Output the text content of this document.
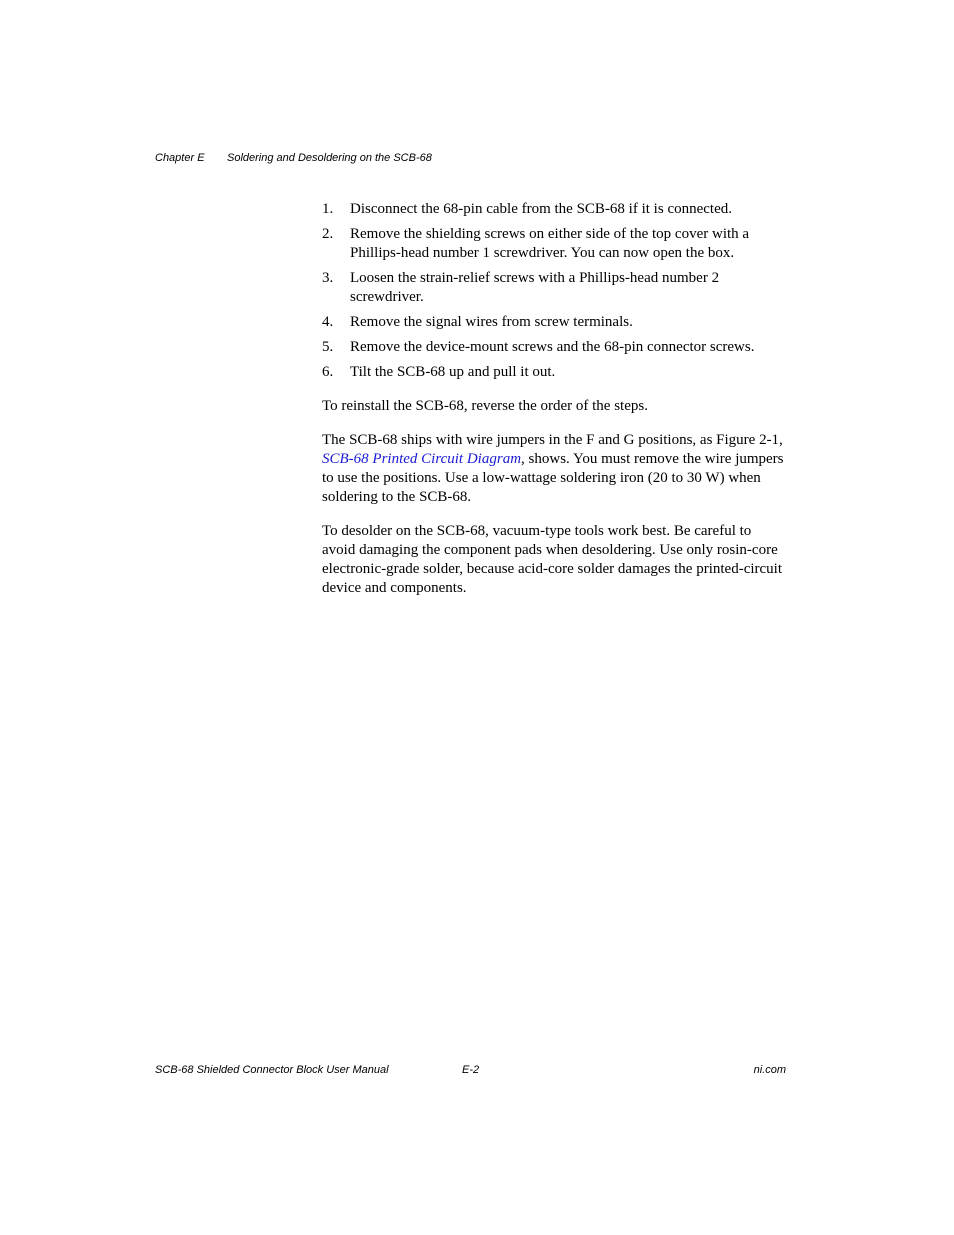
Chapter E Soldering and Desoldering on the SCB-68
1. Disconnect the 68-pin cable from the SCB-68 if it is connected.
2. Remove the shielding screws on either side of the top cover with a Phillips-head number 1 screwdriver. You can now open the box.
3. Loosen the strain-relief screws with a Phillips-head number 2 screwdriver.
4. Remove the signal wires from screw terminals.
5. Remove the device-mount screws and the 68-pin connector screws.
6. Tilt the SCB-68 up and pull it out.

To reinstall the SCB-68, reverse the order of the steps.

The SCB-68 ships with wire jumpers in the F and G positions, as Figure 2-1, SCB-68 Printed Circuit Diagram, shows. You must remove the wire jumpers to use the positions. Use a low-wattage soldering iron (20 to 30 W) when soldering to the SCB-68.

To desolder on the SCB-68, vacuum-type tools work best. Be careful to avoid damaging the component pads when desoldering. Use only rosin-core electronic-grade solder, because acid-core solder damages the printed-circuit device and components.

SCB-68 Shielded Connector Block User Manual	E-2	ni.com
